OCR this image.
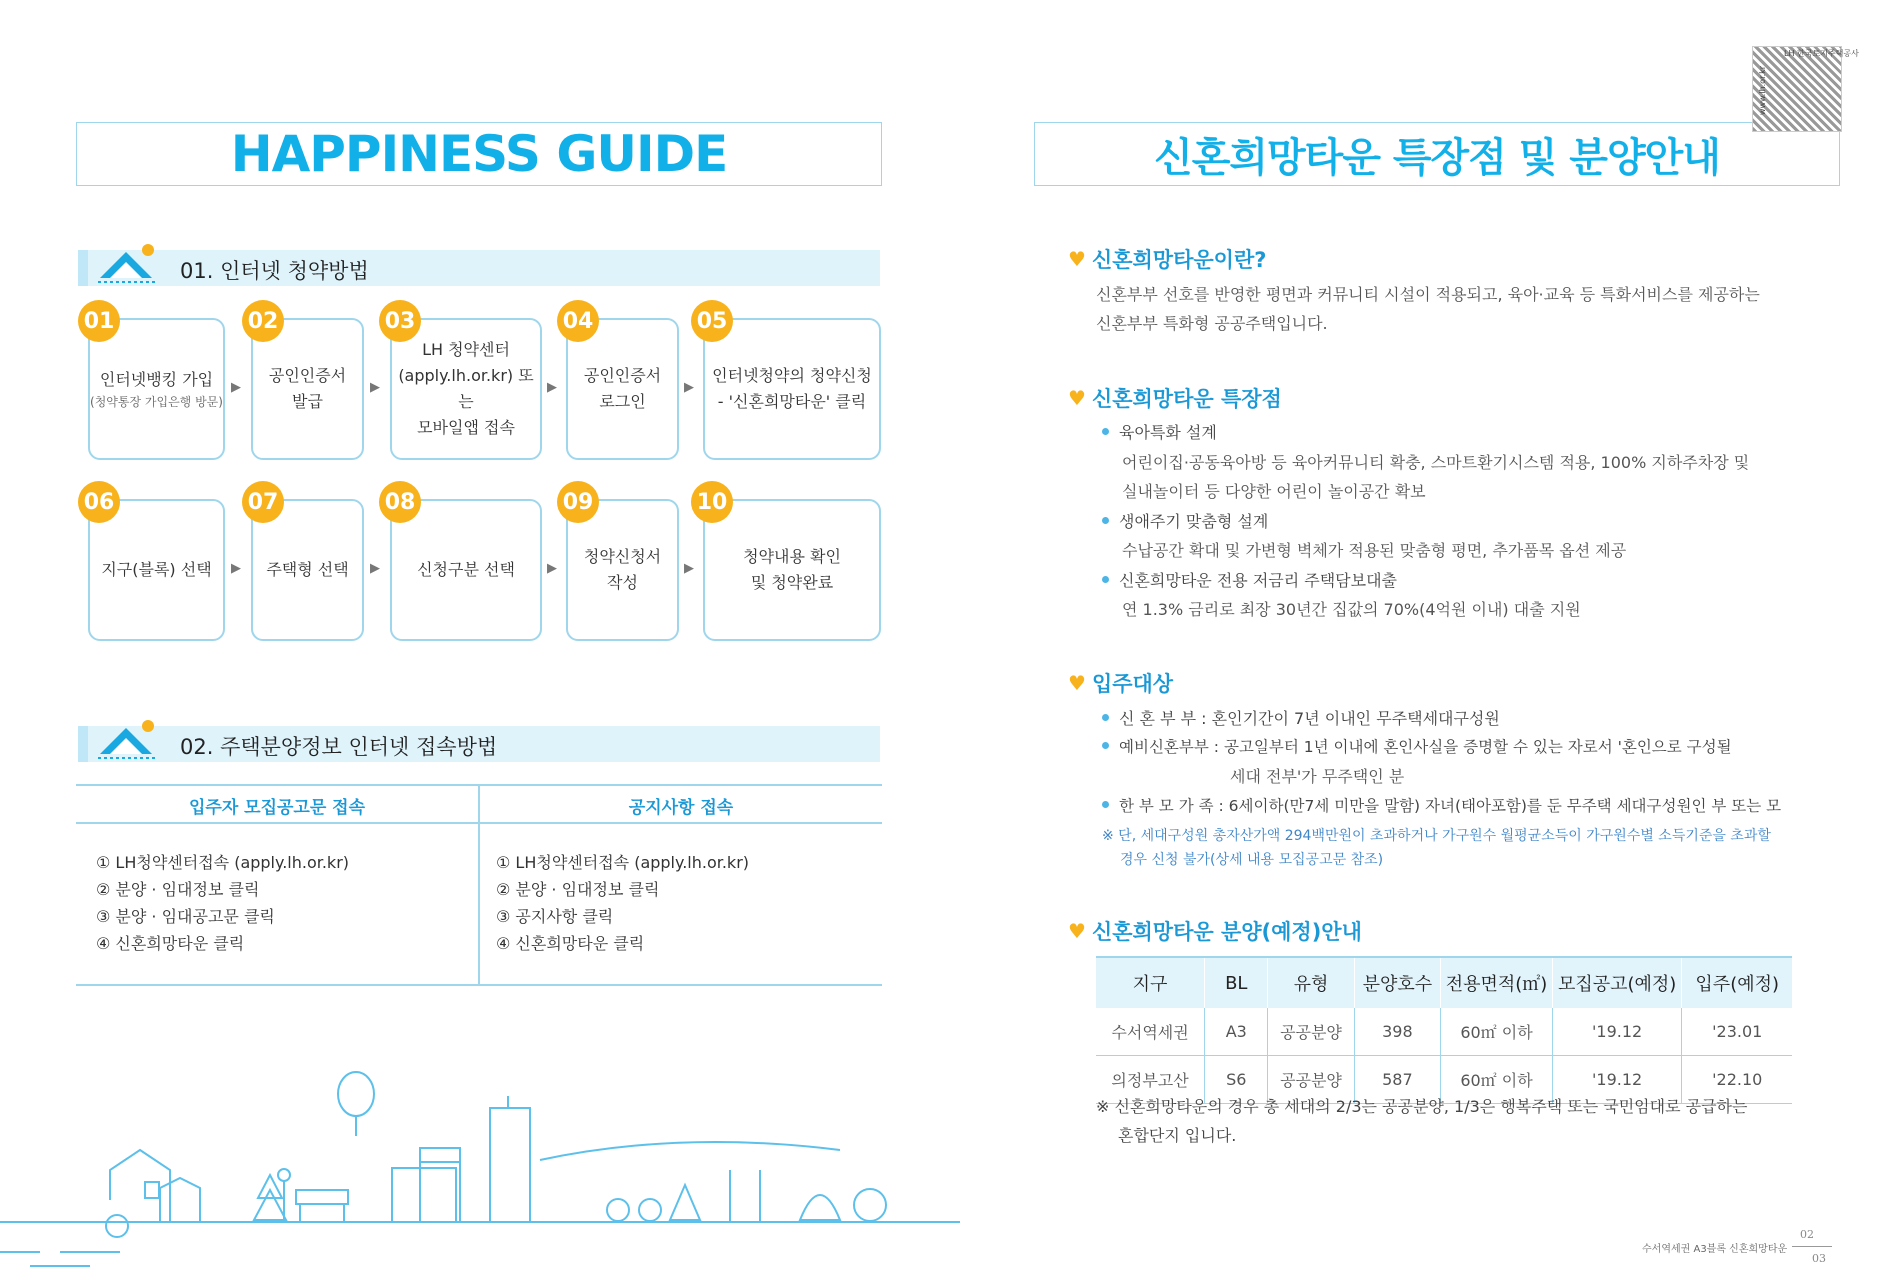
HAPPINESS GUIDE
01. 인터넷 청약방법
인터넷뱅킹 가입
(청약통장 가입은행 방문)
공인인증서
발급
LH 청약센터
(apply.lh.or.kr) 또는
모바일앱 접속
공인인증서
로그인
인터넷청약의 청약신청
- '신혼희망타운' 클릭
지구(블록) 선택	주택형 선택	신청구분 선택
청약신청서
작성
청약내용 확인
및 청약완료
01	02	03	04	05
06	07	08	09	10
▶	▶	▶	▶
▶	▶	▶	▶
02. 주택분양정보 인터넷 접속방법
입주자 모집공고문 접속	공지사항 접속
① LH청약센터접속 (apply.lh.or.kr)
② 분양 · 임대정보 클릭
③ 분양 · 임대공고문 클릭
④ 신혼희망타운 클릭
① LH청약센터접속 (apply.lh.or.kr)
② 분양 · 임대정보 클릭
③ 공지사항 클릭
④ 신혼희망타운 클릭
신혼희망타운 특장점 및 분양안내
LH 한국토지주택공사
www.lh.or.kr
♥ 신혼희망타운이란?
신혼부부 선호를 반영한 평면과 커뮤니티 시설이 적용되고, 육아·교육 등 특화서비스를 제공하는
신혼부부 특화형 공공주택입니다.
♥ 신혼희망타운 특장점
육아특화 설계
어린이집·공동육아방 등 육아커뮤니티 확충, 스마트환기시스템 적용, 100% 지하주차장 및
실내놀이터 등 다양한 어린이 놀이공간 확보
생애주기 맞춤형 설계
수납공간 확대 및 가변형 벽체가 적용된 맞춤형 평면, 추가품목 옵션 제공
신혼희망타운 전용 저금리 주택담보대출
연 1.3% 금리로 최장 30년간 집값의 70%(4억원 이내) 대출 지원
♥ 입주대상
신 혼 부 부 : 혼인기간이 7년 이내인 무주택세대구성원
예비신혼부부 : 공고일부터 1년 이내에 혼인사실을 증명할 수 있는 자로서 '혼인으로 구성될
세대 전부'가 무주택인 분
한 부 모 가 족 : 6세이하(만7세 미만을 말함) 자녀(태아포함)를 둔 무주택 세대구성원인 부 또는 모
※ 단, 세대구성원 총자산가액 294백만원이 초과하거나 가구원수 월평균소득이 가구원수별 소득기준을 초과할
경우 신청 불가(상세 내용 모집공고문 참조)
♥ 신혼희망타운 분양(예정)안내
지구	BL	유형	분양호수	전용면적(㎡)	모집공고(예정)	입주(예정)
수서역세권	A3	공공분양	398	60㎡ 이하	'19.12	'23.01
의정부고산	S6	공공분양	587	60㎡ 이하	'19.12	'22.10
※ 신혼희망타운의 경우 총 세대의 2/3는 공공분양, 1/3은 행복주택 또는 국민임대로 공급하는
혼합단지 입니다.
수서역세권 A3블록 신혼희망타운
02
03
